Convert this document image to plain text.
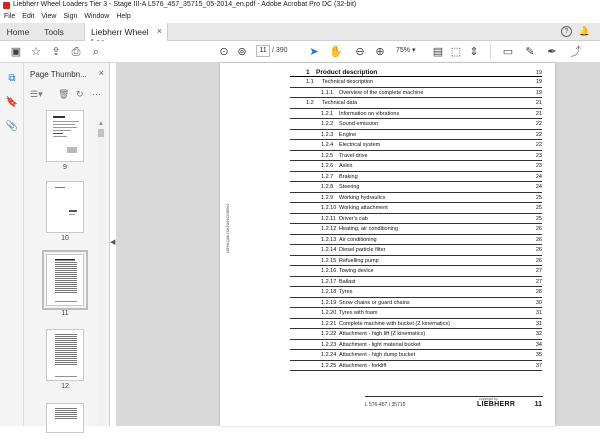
Liebherr Wheel Loaders Tier 3 - Stage III-A L576_457_35715_05-2014_en.pdf - Adobe Acrobat Pro DC (32-bit)
File Edit View Sign Window Help
Home	Tools	Liebherr Wheel ×	?	🔔
▣ ☆ ⇪ ⎙	⌕	⊙ ⊚	11 / 390	➤ ✋	⊖ ⊕	75% ▾ ▤ ⬚ ⇕	▭	✎	✒	⤴
⧉
🔖
📎
Page Thumbn... ×
☰▾ 🗑 ↻ ⋯
▲
9
10
11
12
◀	LEHVLQAKYOKFA/N/CGSEN4
1 Product description	19
1.1 Technical description	19
1.1.1 Overview of the complete machine	19
1.2 Technical data	21
1.2.1 Information on vibrations	21
1.2.2 Sound emission	22
1.2.3 Engine	22
1.2.4 Electrical system	22
1.2.5 Travel drive	23
1.2.6 Axles	23
1.2.7 Braking	24
1.2.8 Steering	24
1.2.9 Working hydraulics	25
1.2.10 Working attachment	25
1.2.11 Driver's cab	25
1.2.12 Heating, air conditioning	26
1.2.13 Air conditioning	26
1.2.14 Diesel particle filter	26
1.2.15 Refuelling pump	26
1.2.16 Towing device	27
1.2.17 Ballast	27
1.2.18 Tyres	28
1.2.19 Snow chains or guard chains	30
1.2.20 Tyres with foam	31
1.2.21 Complete machine with bucket (Z kinematics)	31
1.2.22 Attachment - high lift (Z kinematics)	32
1.2.23 Attachment - light material bucket	34
1.2.24 Attachment - high dump bucket	35
1.2.25 Attachment - forklift	37
L 576-457 / 35715
copyright by
LIEBHERR	11
